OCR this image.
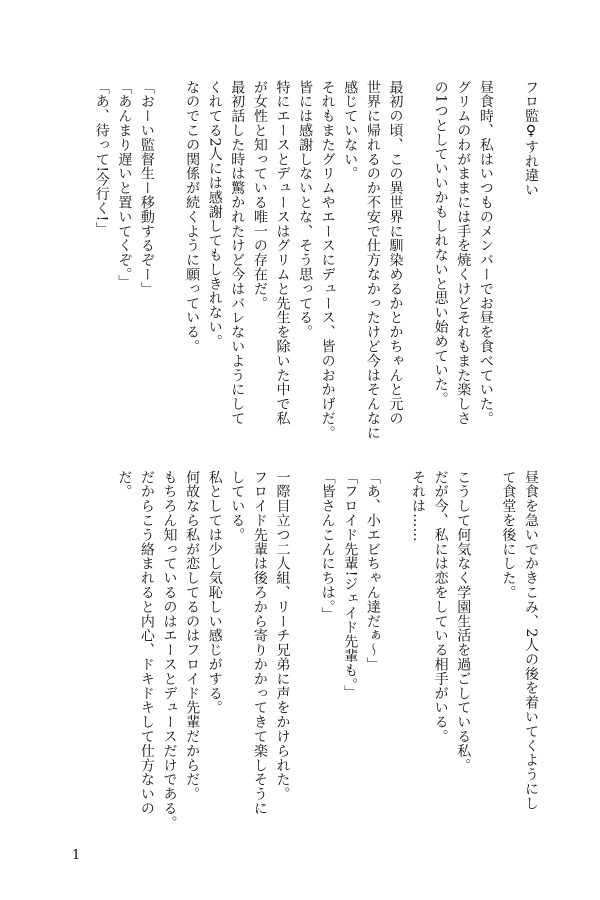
フロ監♀すれ違い

昼食時、私はいつものメンバーでお昼を食べていた。
グリムのわがままには手を焼くけどそれもまた楽しさ
の1つとしていいかもしれないと思い始めていた。

最初の頃、この異世界に馴染めるかとかちゃんと元の
世界に帰れるのか不安で仕方なかったけど今はそんなに
感じていない。
それもまたグリムやエースにデュース、皆のおかげだ。
皆には感謝しないとな、そう思ってる。
特にエースとデュースはグリムと先生を除いた中で私
が女性と知っている唯一の存在だ。
最初話した時は驚かれたけど今はバレないようにして
くれてる2人には感謝してもしきれない。
なのでこの関係が続くように願っている。

「おーい監督生ー移動するぞー」
「あんまり遅いと置いてくぞ。」
「あ、待って!今行く!」

昼食を急いでかきこみ、2人の後を着いてくようにし
て食堂を後にした。

こうして何気なく学園生活を過ごしている私。
だが今、私には恋をしている相手がいる。
それは……

「あ、小エビちゃん達だぁ～」
「フロイド先輩!ジェイド先輩も。」
「皆さんこんにちは。」

一際目立つ二人組、リーチ兄弟に声をかけられた。
フロイド先輩は後ろから寄りかかってきて楽しそうに
している。
私としては少し気恥しい感じがする。
何故なら私が恋してるのはフロイド先輩だからだ。
もちろん知っているのはエースとデュースだけである。
だからこう絡まれると内心、ドキドキして仕方ないの
だ。

1
